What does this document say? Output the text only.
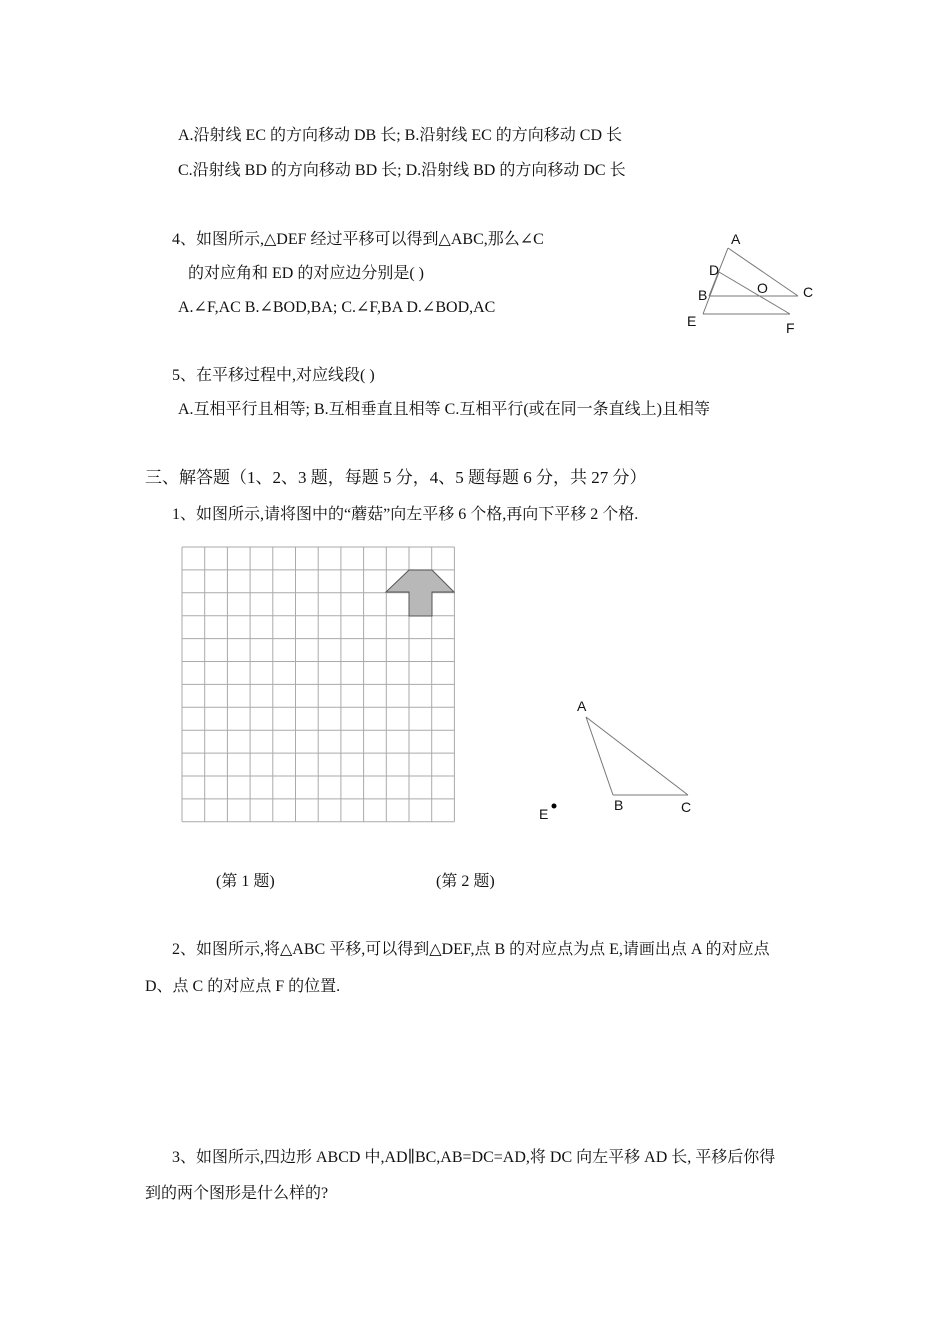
A.沿射线 EC 的方向移动 DB 长; B.沿射线 EC 的方向移动 CD 长
C.沿射线 BD 的方向移动 BD 长; D.沿射线 BD 的方向移动 DC 长
4、如图所示,△DEF 经过平移可以得到△ABC,那么∠C
的对应角和 ED 的对应边分别是( )
A.∠F,AC B.∠BOD,BA; C.∠F,BA D.∠BOD,AC
A
D
B	O	C
E	F
5、在平移过程中,对应线段( )
A.互相平行且相等; B.互相垂直且相等 C.互相平行(或在同一条直线上)且相等
三、解答题（1、2、3 题，每题 5 分，4、5 题每题 6 分，共 27 分）
1、如图所示,请将图中的“蘑菇”向左平移 6 个格,再向下平移 2 个格.
A
B	C
E
(第 1 题)	(第 2 题)
2、如图所示,将△ABC 平移,可以得到△DEF,点 B 的对应点为点 E,请画出点 A 的对应点
D、点 C 的对应点 F 的位置.
3、如图所示,四边形 ABCD 中,AD∥BC,AB=DC=AD,将 DC 向左平移 AD 长, 平移后你得
到的两个图形是什么样的?
